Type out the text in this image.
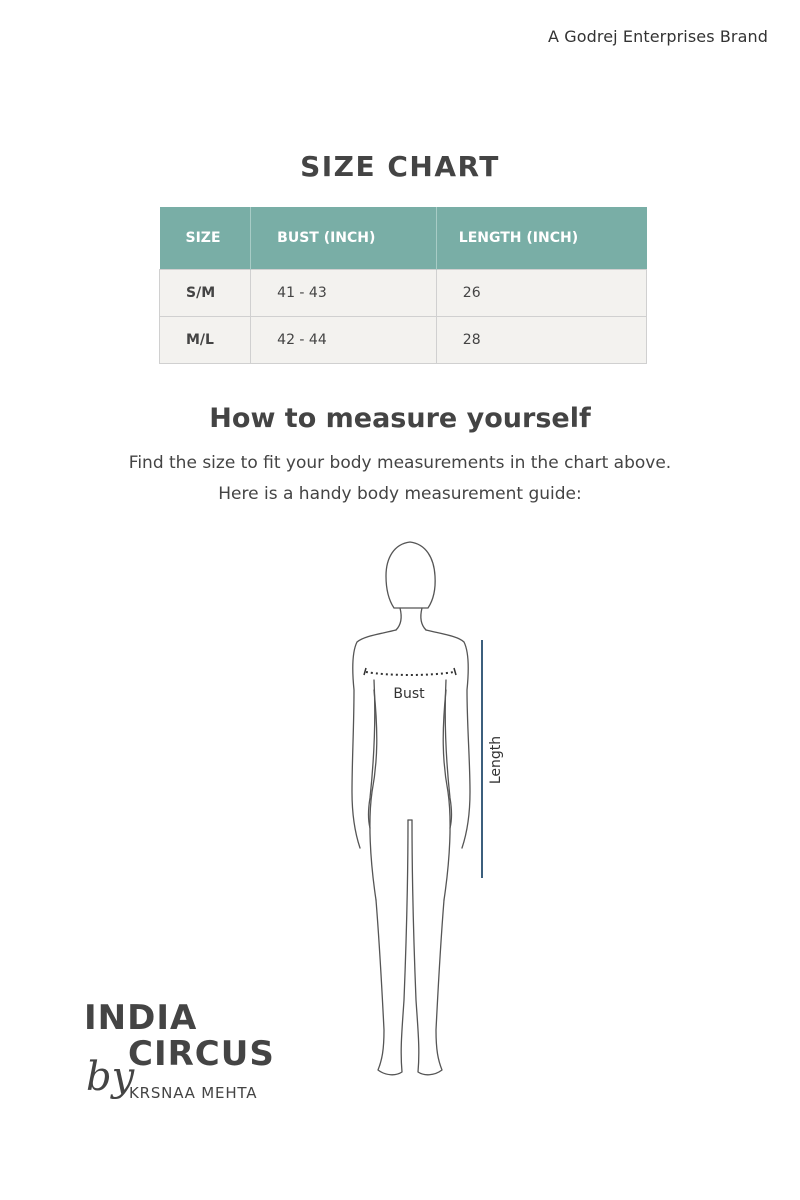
A Godrej Enterprises Brand
SIZE CHART
SIZE	BUST (INCH)	LENGTH (INCH)
S/M	41 - 43	26
M/L	42 - 44	28
How to measure yourself
Find the size to fit your body measurements in the chart above.
Here is a handy body measurement guide:
Bust
Length
INDIA
CIRCUS
by
KRSNAA MEHTA
